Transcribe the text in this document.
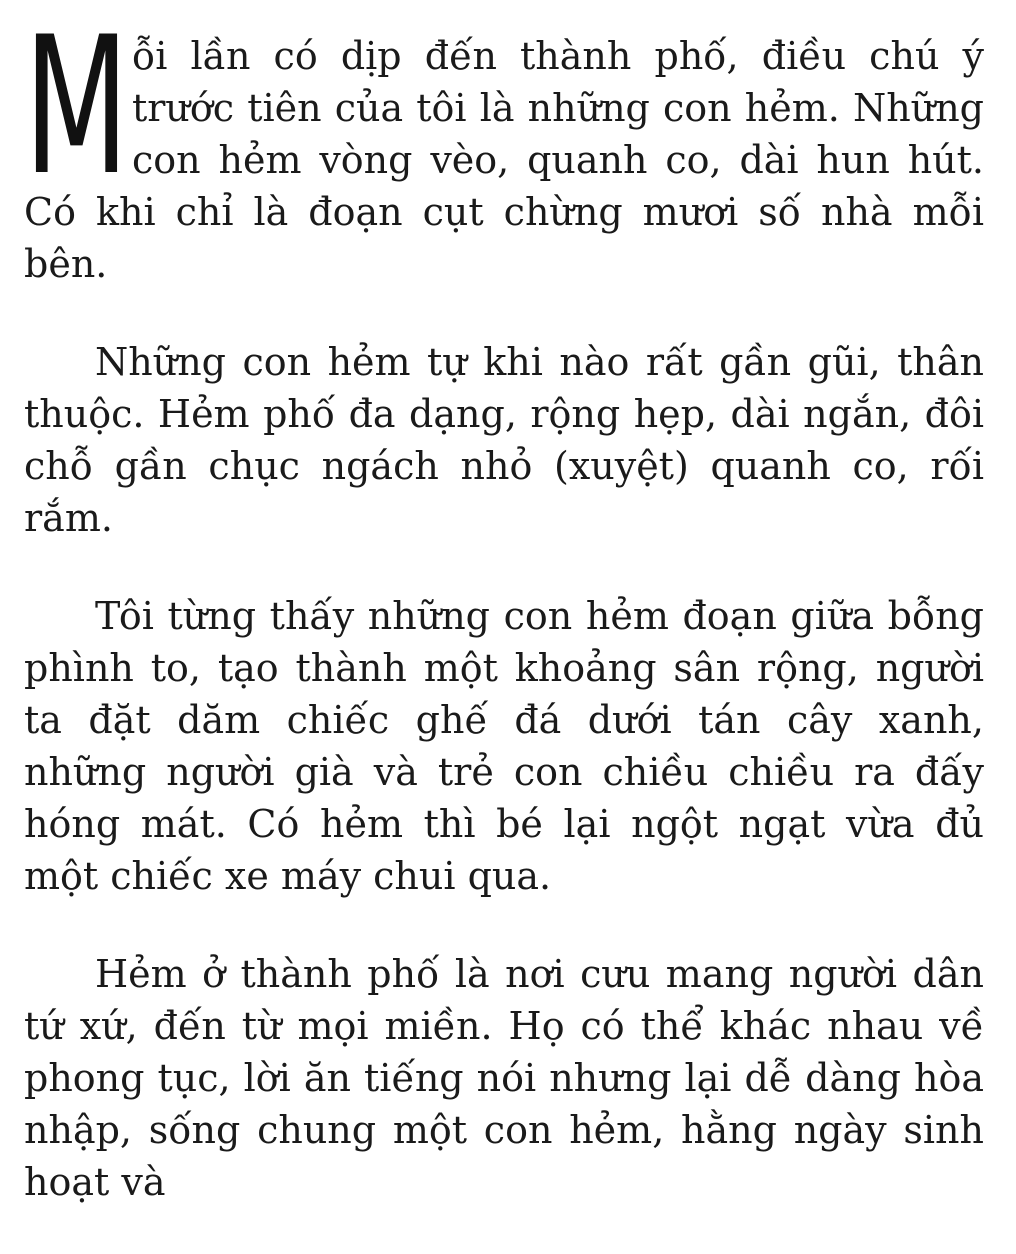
Mỗi lần có dịp đến thành phố, điều chú ý trước tiên của tôi là những con hẻm. Những con hẻm vòng vèo, quanh co, dài hun hút. Có khi chỉ là đoạn cụt chừng mươi số nhà mỗi bên.

Những con hẻm tự khi nào rất gần gũi, thân thuộc. Hẻm phố đa dạng, rộng hẹp, dài ngắn, đôi chỗ gần chục ngách nhỏ (xuyệt) quanh co, rối rắm.

Tôi từng thấy những con hẻm đoạn giữa bỗng phình to, tạo thành một khoảng sân rộng, người ta đặt dăm chiếc ghế đá dưới tán cây xanh, những người già và trẻ con chiều chiều ra đấy hóng mát. Có hẻm thì bé lại ngột ngạt vừa đủ một chiếc xe máy chui qua.

Hẻm ở thành phố là nơi cưu mang người dân tứ xứ, đến từ mọi miền. Họ có thể khác nhau về phong tục, lời ăn tiếng nói nhưng lại dễ dàng hòa nhập, sống chung một con hẻm, hằng ngày sinh hoạt và
